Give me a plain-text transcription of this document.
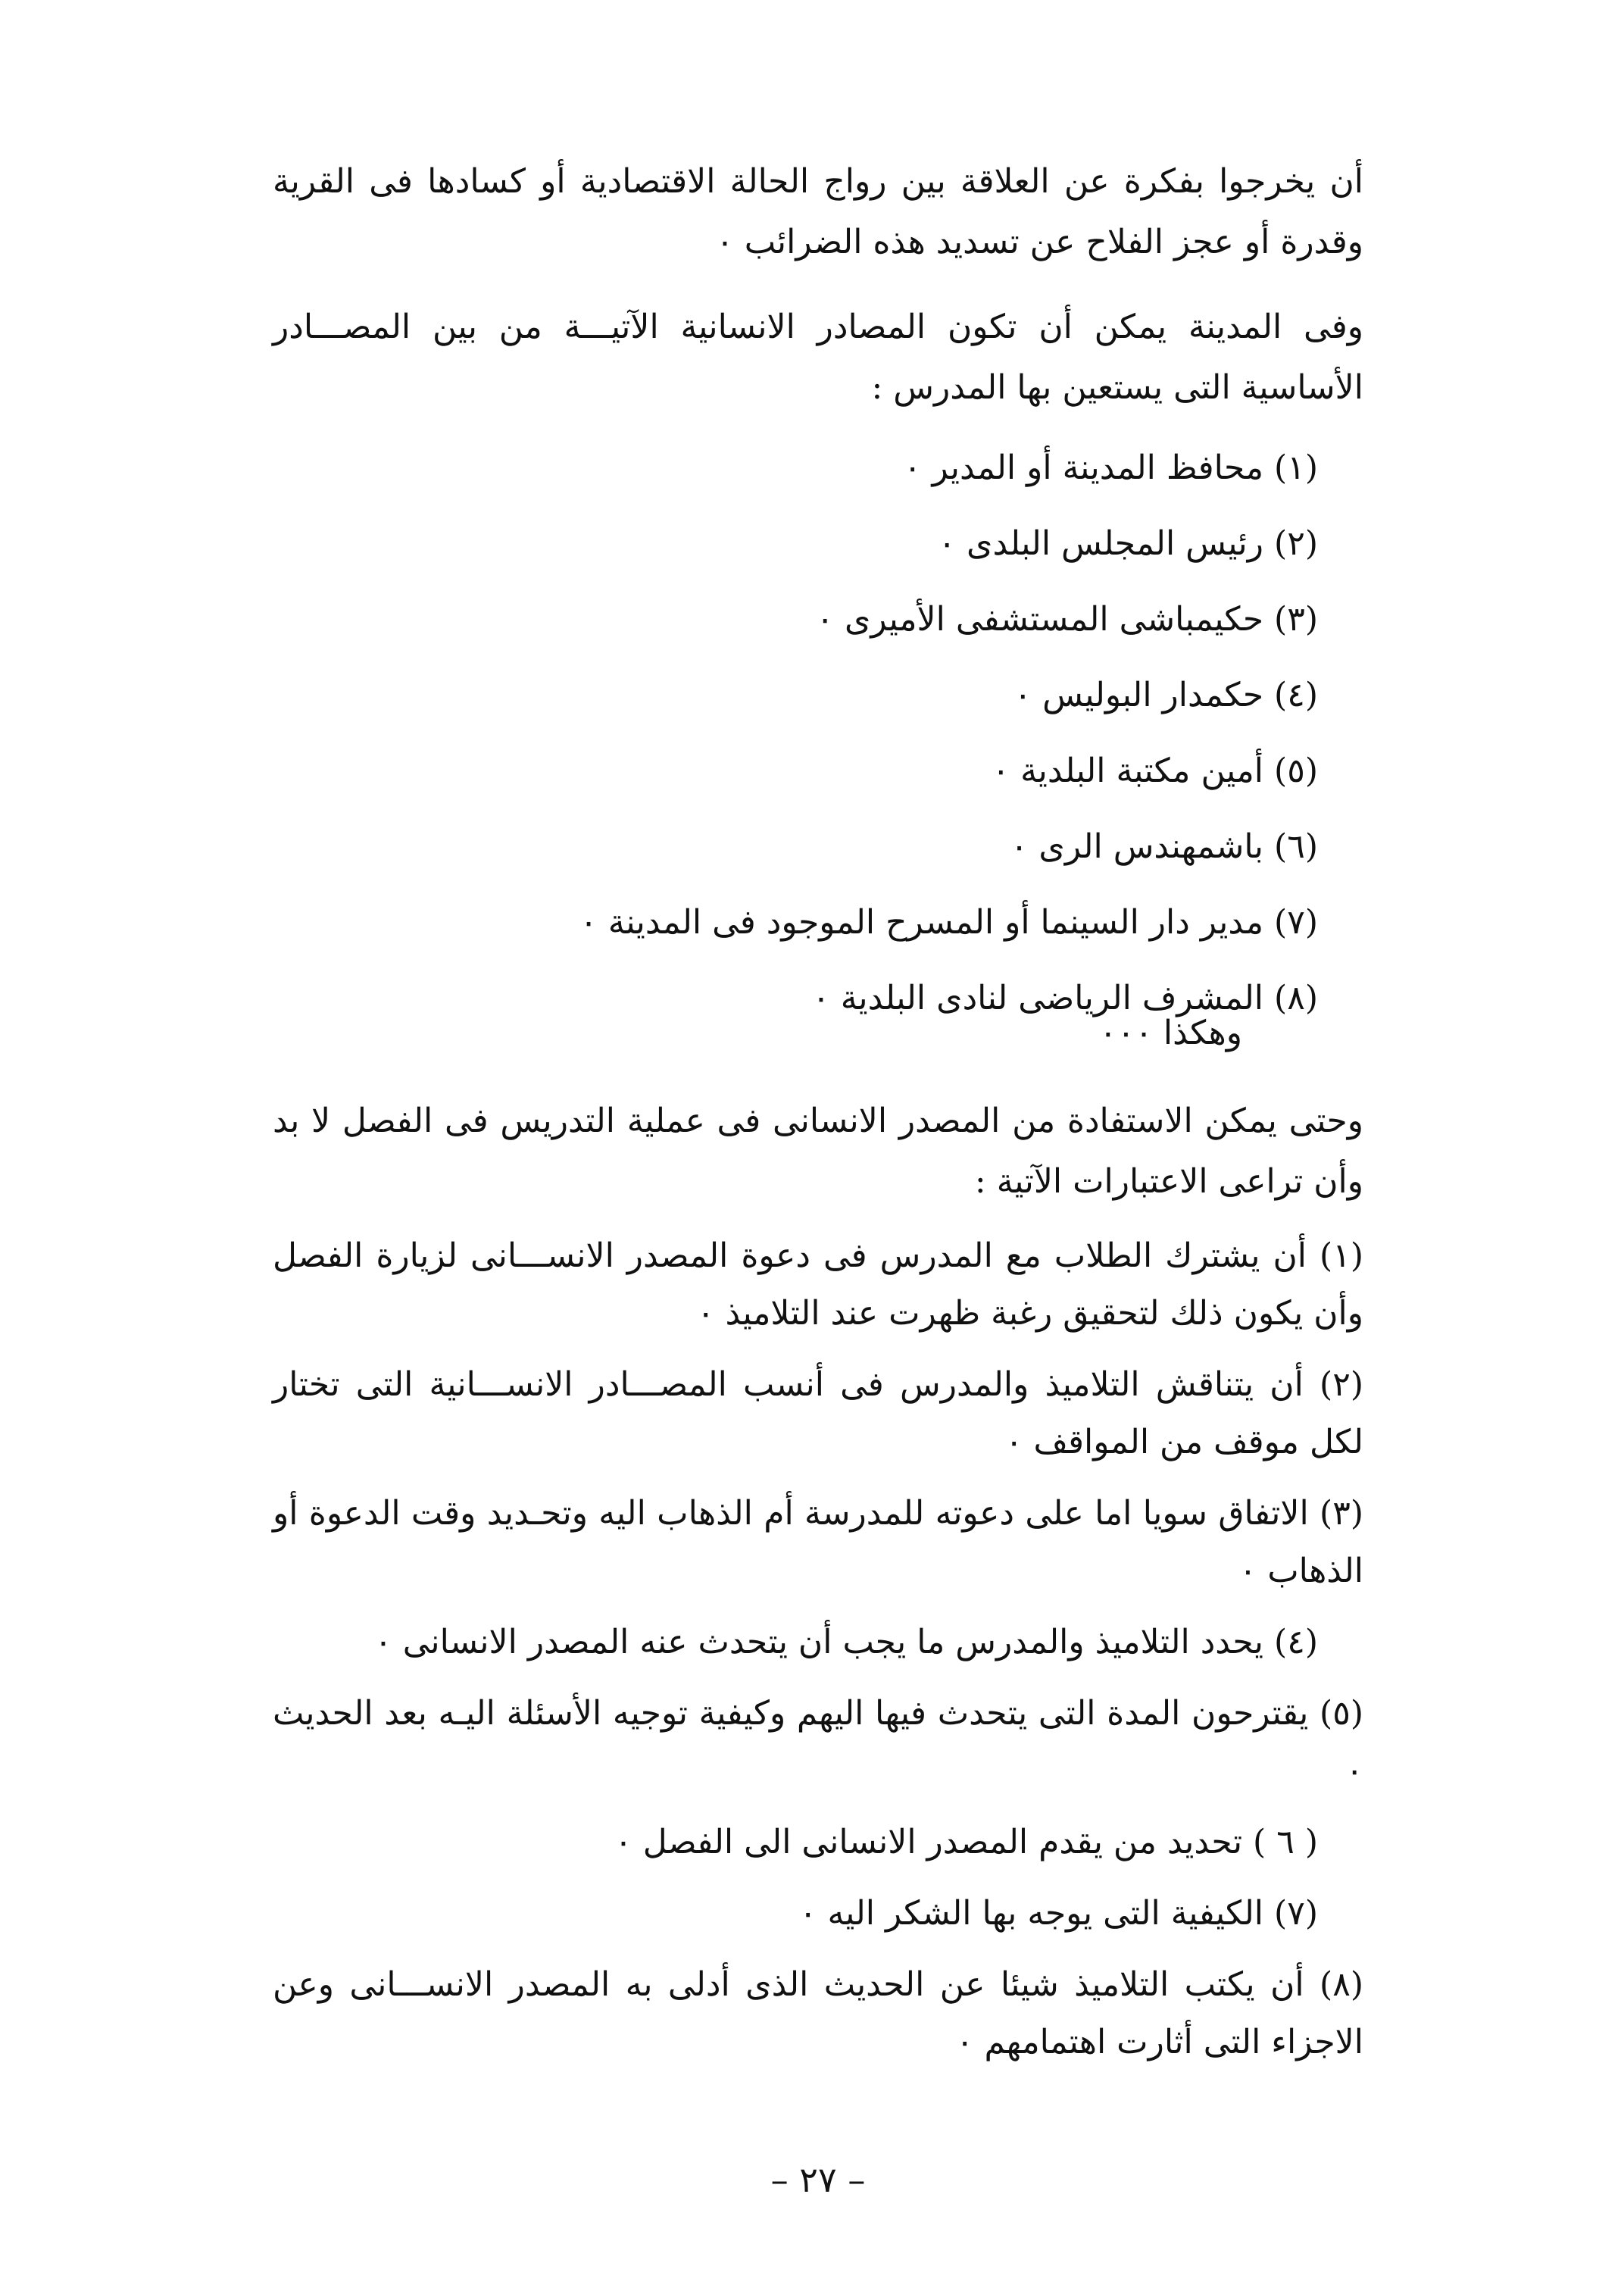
أن يخرجوا بفكرة عن العلاقة بين رواج الحالة الاقتصادية أو كسادها فى القرية وقدرة أو عجز الفلاح عن تسديد هذه الضرائب ٠

وفى المدينة يمكن أن تكون المصادر الانسانية الآتيـــة من بين المصـــادر الأساسية التى يستعين بها المدرس :

(١) محافظ المدينة أو المدير ٠
(٢) رئيس المجلس البلدى ٠
(٣) حكيمباشى المستشفى الأميرى ٠
(٤) حكمدار البوليس ٠
(٥) أمين مكتبة البلدية ٠
(٦) باشمهندس الرى ٠
(٧) مدير دار السينما أو المسرح الموجود فى المدينة ٠
(٨) المشرف الرياضى لنادى البلدية ٠
وهكذا ٠٠٠

وحتى يمكن الاستفادة من المصدر الانسانى فى عملية التدريس فى الفصل لا بد وأن تراعى الاعتبارات الآتية :

(١) أن يشترك الطلاب مع المدرس فى دعوة المصدر الانســـانى لزيارة الفصل وأن يكون ذلك لتحقيق رغبة ظهرت عند التلاميذ ٠
(٢) أن يتناقش التلاميذ والمدرس فى أنسب المصـــادر الانســـانية التى تختار لكل موقف من المواقف ٠
(٣) الاتفاق سويا اما على دعوته للمدرسة أم الذهاب اليه وتحـديد وقت الدعوة أو الذهاب ٠
(٤) يحدد التلاميذ والمدرس ما يجب أن يتحدث عنه المصدر الانسانى ٠
(٥) يقترحون المدة التى يتحدث فيها اليهم وكيفية توجيه الأسئلة اليـه بعد الحديث ٠
( ٦ ) تحديد من يقدم المصدر الانسانى الى الفصل ٠
(٧) الكيفية التى يوجه بها الشكر اليه ٠
(٨) أن يكتب التلاميذ شيئا عن الحديث الذى أدلى به المصدر الانســـانى وعن الاجزاء التى أثارت اهتمامهم ٠
– ٢٧ –
